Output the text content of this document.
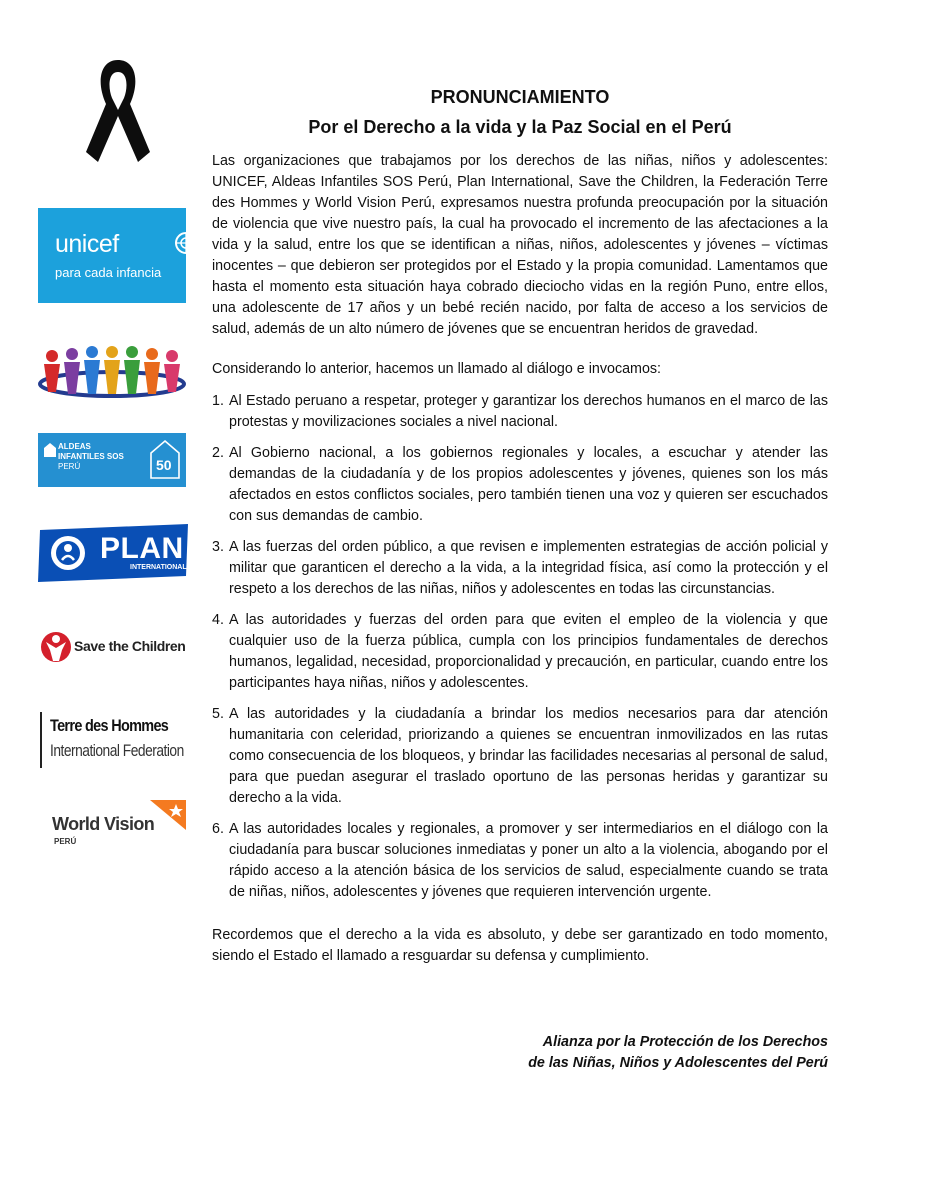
unicef
para cada infancia
ALDEAS
INFANTILES SOS
PERÚ	50
PLAN
INTERNATIONAL
Save the Children
Terre des Hommes
International Federation
World Vision
PERÚ
PRONUNCIAMIENTO
Por el Derecho a la vida y la Paz Social en el Perú

Las organizaciones que trabajamos por los derechos de las niñas, niños y adolescentes: UNICEF, Aldeas Infantiles SOS Perú, Plan International, Save the Children, la Federación Terre des Hommes y World Vision Perú, expresamos nuestra profunda preocupación por la situación de violencia que vive nuestro país, la cual ha provocado el incremento de las afectaciones a la vida y la salud, entre los que se identifican a niñas, niños, adolescentes y jóvenes – víctimas inocentes – que debieron ser protegidos por el Estado y la propia comunidad. Lamentamos que hasta el momento esta situación haya cobrado dieciocho vidas en la región Puno, entre ellos, una adolescente de 17 años y un bebé recién nacido, por falta de acceso a los servicios de salud, además de un alto número de jóvenes que se encuentran heridos de gravedad.

Considerando lo anterior, hacemos un llamado al diálogo e invocamos:

1. Al Estado peruano a respetar, proteger y garantizar los derechos humanos en el marco de las protestas y movilizaciones sociales a nivel nacional.
2. Al Gobierno nacional, a los gobiernos regionales y locales, a escuchar y atender las demandas de la ciudadanía y de los propios adolescentes y jóvenes, quienes son los más afectados en estos conflictos sociales, pero también tienen una voz y quieren ser escuchados con sus demandas de cambio.
3. A las fuerzas del orden público, a que revisen e implementen estrategias de acción policial y militar que garanticen el derecho a la vida, a la integridad física, así como la protección y el respeto a los derechos de las niñas, niños y adolescentes en todas las circunstancias.
4. A las autoridades y fuerzas del orden para que eviten el empleo de la violencia y que cualquier uso de la fuerza pública, cumpla con los principios fundamentales de derechos humanos, legalidad, necesidad, proporcionalidad y precaución, en particular, cuando entre los participantes haya niñas, niños y adolescentes.
5. A las autoridades y la ciudadanía a brindar los medios necesarios para dar atención humanitaria con celeridad, priorizando a quienes se encuentran inmovilizados en las rutas como consecuencia de los bloqueos, y brindar las facilidades necesarias al personal de salud, para que puedan asegurar el traslado oportuno de las personas heridas y garantizar su derecho a la vida.
6. A las autoridades locales y regionales, a promover y ser intermediarios en el diálogo con la ciudadanía para buscar soluciones inmediatas y poner un alto a la violencia, abogando por el rápido acceso a la atención básica de los servicios de salud, especialmente cuando se trata de niñas, niños, adolescentes y jóvenes que requieren intervención urgente.

Recordemos que el derecho a la vida es absoluto, y debe ser garantizado en todo momento, siendo el Estado el llamado a resguardar su defensa y cumplimiento.

Alianza por la Protección de los Derechos
de las Niñas, Niños y Adolescentes del Perú
